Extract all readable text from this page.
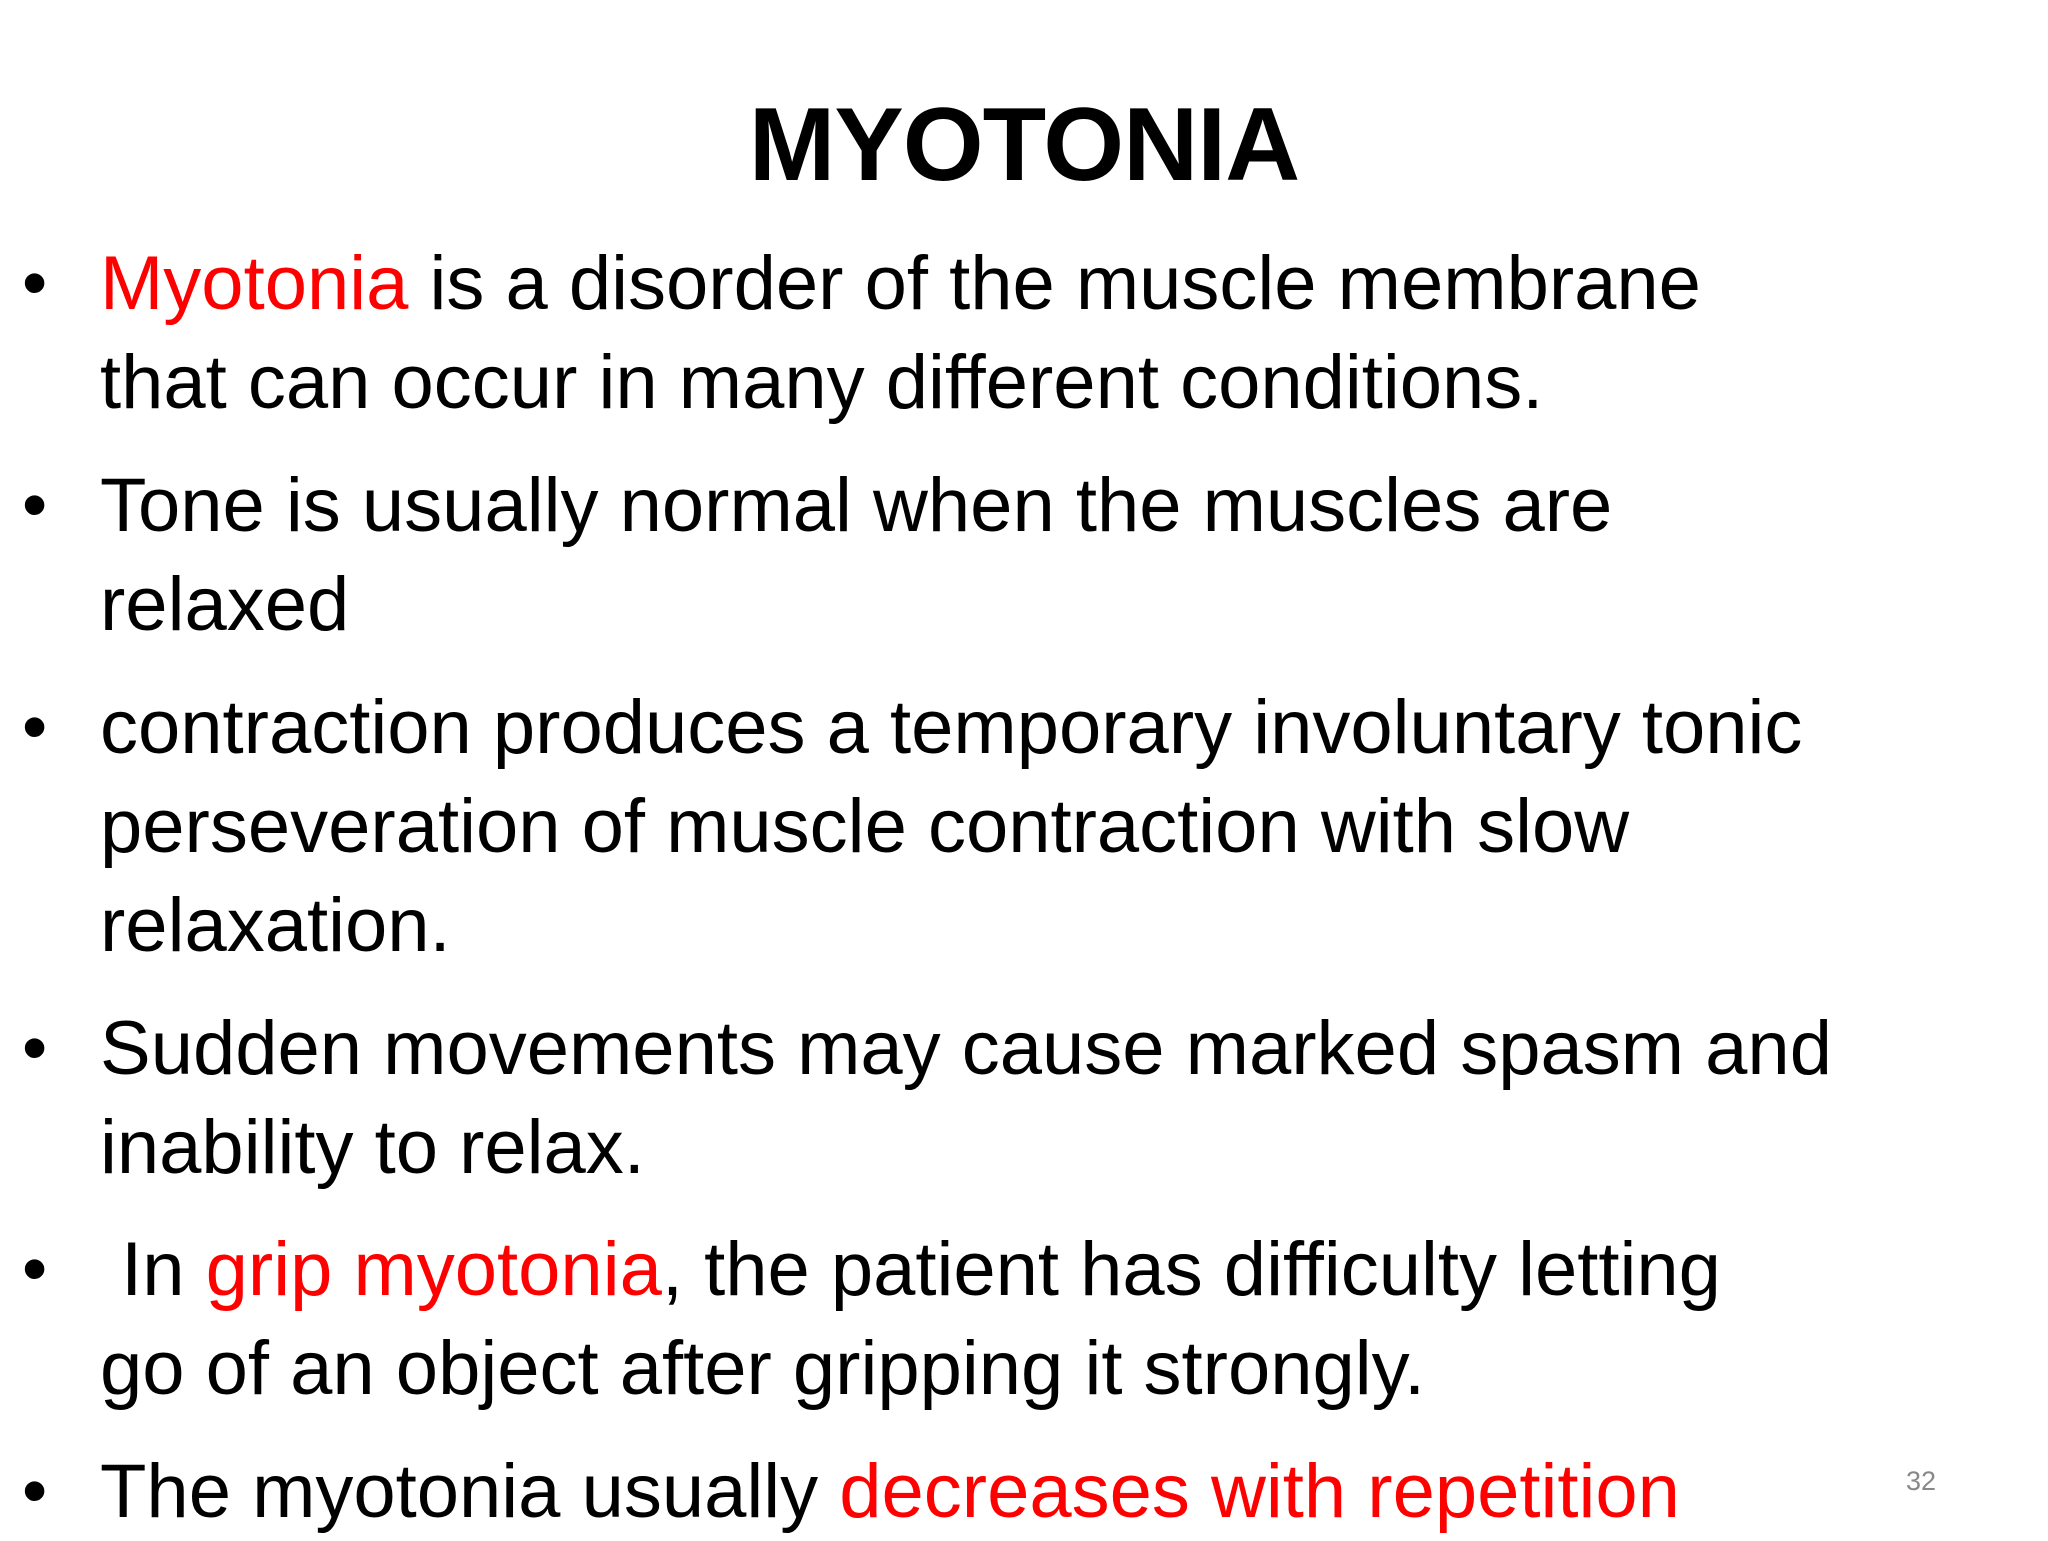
MYOTONIA
• Myotonia is a disorder of the muscle membrane
that can occur in many different conditions.
• Tone is usually normal when the muscles are
relaxed
• contraction produces a temporary involuntary tonic
perseveration of muscle contraction with slow
relaxation.
• Sudden movements may cause marked spasm and
inability to relax.
• In grip myotonia, the patient has difficulty letting
go of an object after gripping it strongly.
• The myotonia usually decreases with repetition	32
